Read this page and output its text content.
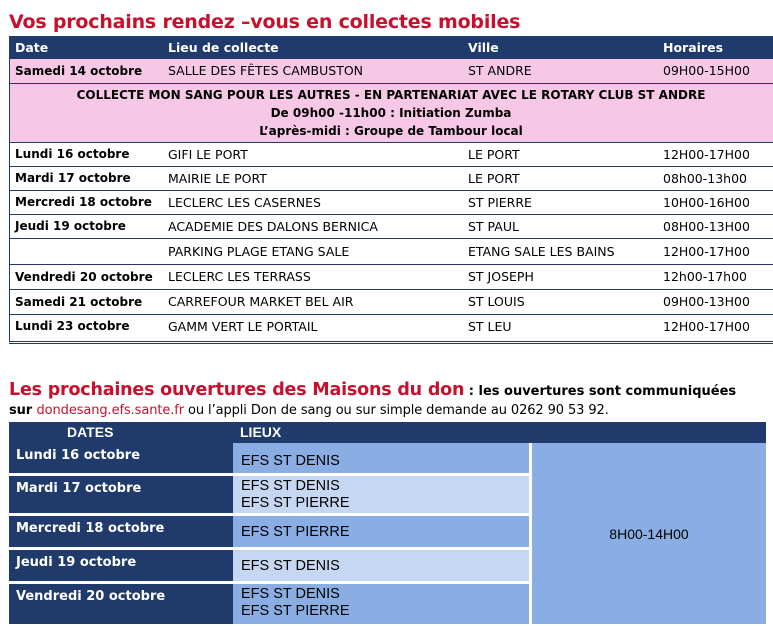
Vos prochains rendez –vous en collectes mobiles
Date	Lieu de collecte	Ville	Horaires
Samedi 14 octobre	SALLE DES FÊTES CAMBUSTON	ST ANDRE	09H00-15H00

COLLECTE MON SANG POUR LES AUTRES - EN PARTENARIAT AVEC LE ROTARY CLUB ST ANDRE
De 09h00 -11h00 : Initiation Zumba
L’après-midi : Groupe de Tambour local			

Lundi 16 octobre	GIFI LE PORT	LE PORT	12H00-17H00
Mardi 17 octobre	MAIRIE LE PORT	LE PORT	08h00-13h00
Mercredi 18 octobre	LECLERC LES CASERNES	ST PIERRE	10H00-16H00
Jeudi 19 octobre	ACADEMIE DES DALONS BERNICA	ST PAUL	08H00-13H00
	PARKING PLAGE ETANG SALE	ETANG SALE LES BAINS	12H00-17H00
Vendredi 20 octobre	LECLERC LES TERRASS	ST JOSEPH	12h00-17h00
Samedi 21 octobre	CARREFOUR MARKET BEL AIR	ST LOUIS	09H00-13H00
Lundi 23 octobre	GAMM VERT LE PORTAIL	ST LEU	12H00-17H00
Les prochaines ouvertures des Maisons du don : les ouvertures sont communiquées
sur dondesang.efs.sante.fr ou l’appli Don de sang ou sur simple demande au 0262 90 53 92.
DATES	LIEUX
Lundi 16 octobre	EFS ST DENIS
Mardi 17 octobre	EFS ST DENIS
EFS ST PIERRE
Mercredi 18 octobre	EFS ST PIERRE
Jeudi 19 octobre	EFS ST DENIS
Vendredi 20 octobre	EFS ST DENIS
EFS ST PIERRE
8H00-14H00
